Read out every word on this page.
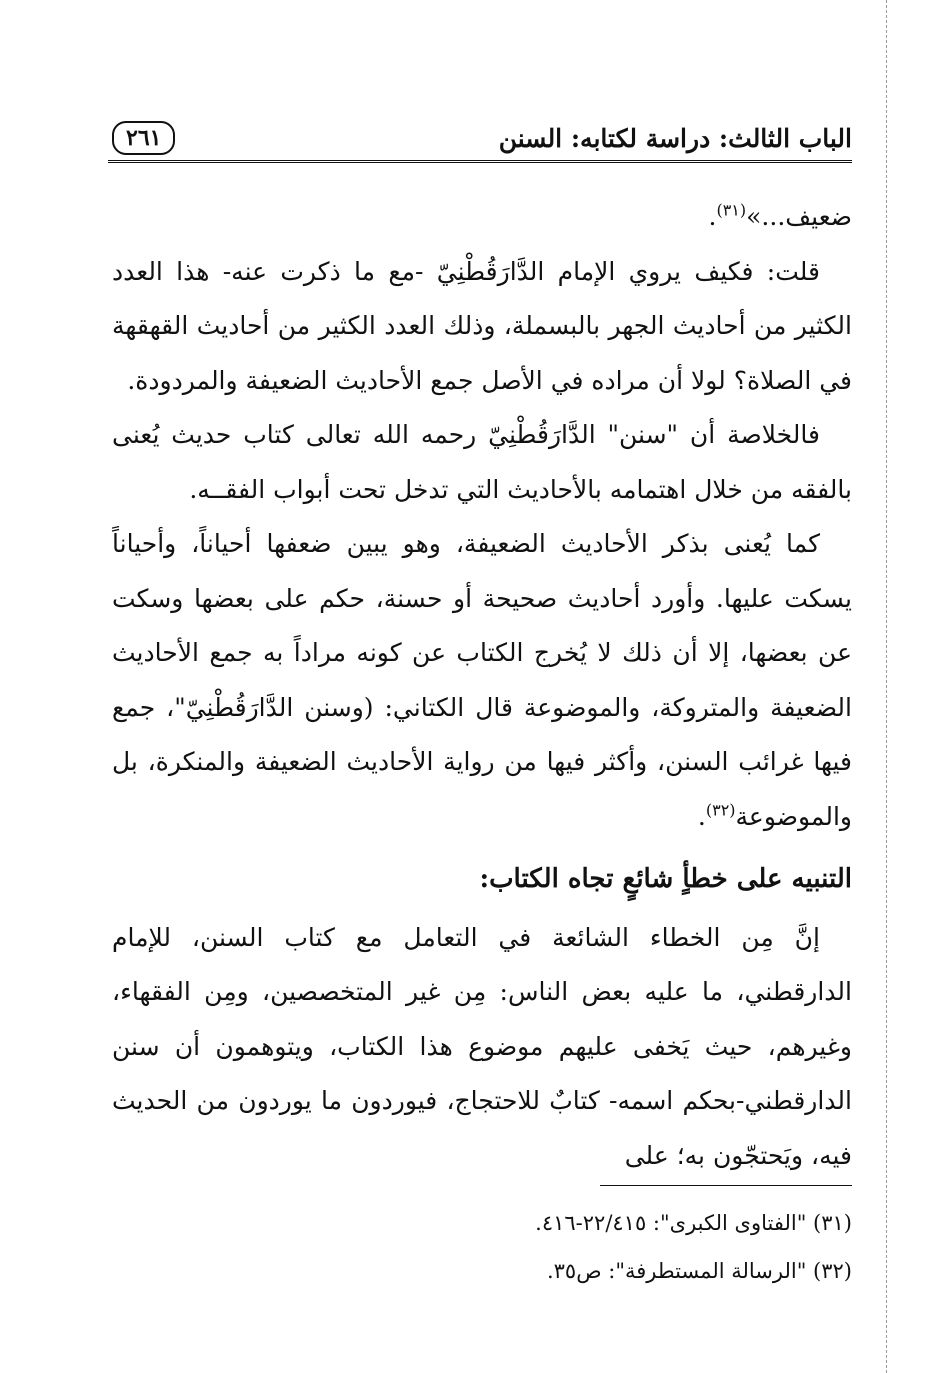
الباب الثالث: دراسة لكتابه: السنن
٢٦١

ضعيف...»$^{(٣١)}$.

قلت: فكيف يروي الإمام الدَّارَقُطْنِيّ -مع ما ذكرت عنه- هذا العدد الكثير من أحاديث الجهر بالبسملة، وذلك العدد الكثير من أحاديث القهقهة في الصلاة؟ لولا أن مراده في الأصل جمع الأحاديث الضعيفة والمردودة.

فالخلاصة أن "سنن" الدَّارَقُطْنِيّ رحمه الله تعالى كتاب حديث يُعنى بالفقه من خلال اهتمامه بالأحاديث التي تدخل تحت أبواب الفقــه.

كما يُعنى بذكر الأحاديث الضعيفة، وهو يبين ضعفها أحياناً، وأحياناً يسكت عليها. وأورد أحاديث صحيحة أو حسنة، حكم على بعضها وسكت عن بعضها، إلا أن ذلك لا يُخرج الكتاب عن كونه مراداً به جمع الأحاديث الضعيفة والمتروكة، والموضوعة قال الكتاني: (وسنن الدَّارَقُطْنِيّ"، جمع فيها غرائب السنن، وأكثر فيها من رواية الأحاديث الضعيفة والمنكرة، بل والموضوعة$^{(٣٢)}$.

التنبيه على خطأٍ شائعٍ تجاه الكتاب:

إنَّ مِن الخطاء الشائعة في التعامل مع كتاب السنن، للإمام الدارقطني، ما عليه بعض الناس: مِن غير المتخصصين، ومِن الفقهاء، وغيرهم، حيث يَخفى عليهم موضوع هذا الكتاب، ويتوهمون أن سنن الدارقطني-بحكم اسمه- كتابٌ للاحتجاج، فيوردون ما يوردون من الحديث فيه، ويَحتجّون به؛ على

(٣١) "الفتاوى الكبرى": ٢٢/٤١٥-٤١٦.

(٣٢) "الرسالة المستطرفة": ص٣٥.
